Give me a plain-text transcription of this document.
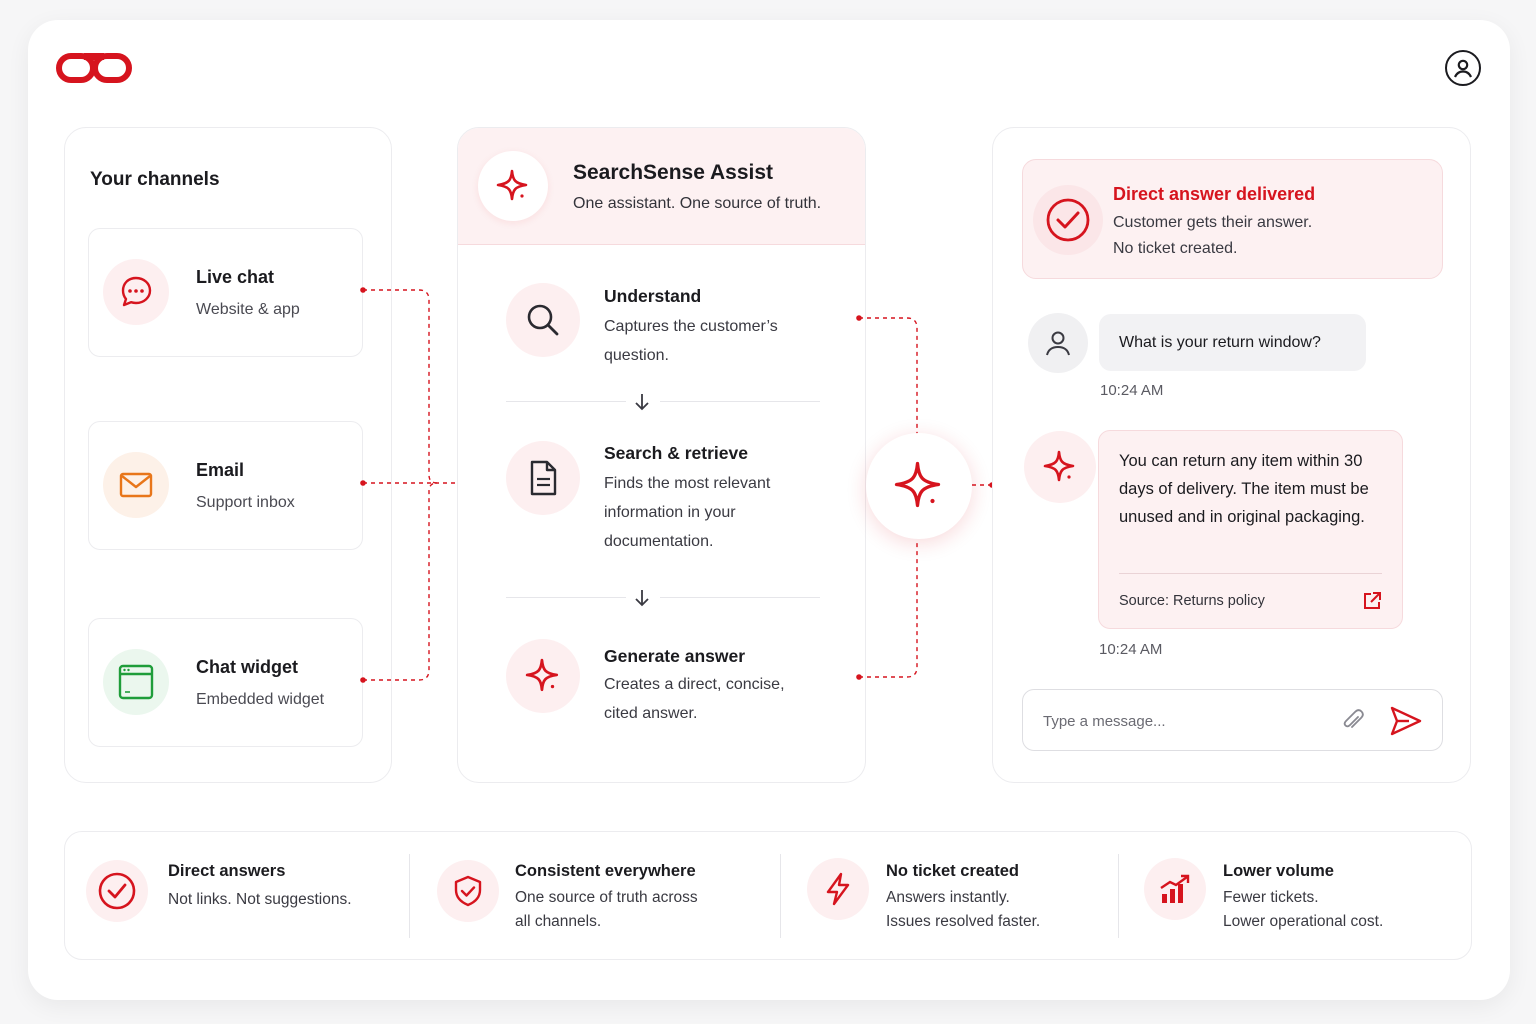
Your channels
Live chat
Website & app
Email
Support inbox
Chat widget
Embedded widget
SearchSense Assist
One assistant. One source of truth.
Understand
Captures the customer’s question.
Search & retrieve
Finds the most relevant information in your documentation.
Generate answer
Creates a direct, concise, cited answer.
Direct answer delivered
Customer gets their answer.
No ticket created.
What is your return window?
10:24 AM
You can return any item within 30 days of delivery. The item must be unused and in original packaging.
Source: Returns policy
10:24 AM
Type a message...
Direct answers
Not links. Not suggestions.
Consistent everywhere
One source of truth across
all channels.
No ticket created
Answers instantly.
Issues resolved faster.
Lower volume
Fewer tickets.
Lower operational cost.
